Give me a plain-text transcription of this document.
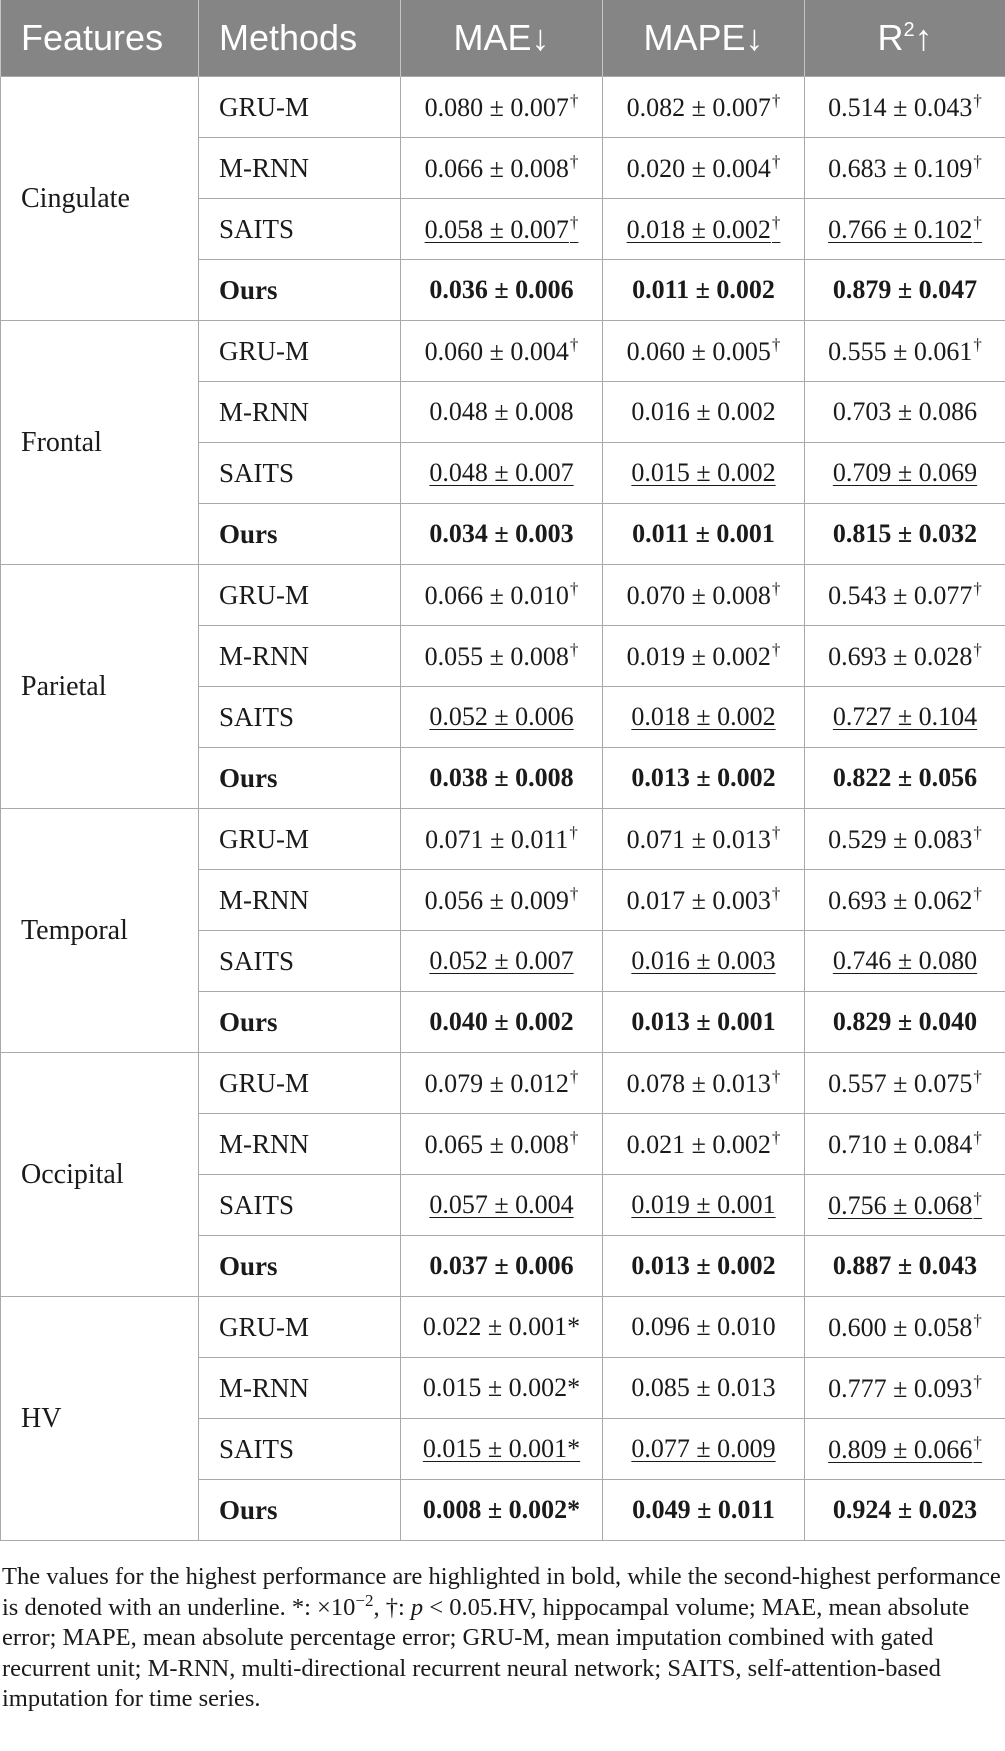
Features	Methods	MAE↓	MAPE↓	$R^2↑$
Cingulate	GRU-M	0.080 ± 0.007†	0.082 ± 0.007†	0.514 ± 0.043†
	M-RNN	0.066 ± 0.008†	0.020 ± 0.004†	0.683 ± 0.109†
	SAITS	0.058 ± 0.007†	0.018 ± 0.002†	0.766 ± 0.102†
	Ours	0.036 ± 0.006	0.011 ± 0.002	0.879 ± 0.047
Frontal	GRU-M	0.060 ± 0.004†	0.060 ± 0.005†	0.555 ± 0.061†
	M-RNN	0.048 ± 0.008	0.016 ± 0.002	0.703 ± 0.086
	SAITS	0.048 ± 0.007	0.015 ± 0.002	0.709 ± 0.069
	Ours	0.034 ± 0.003	0.011 ± 0.001	0.815 ± 0.032
Parietal	GRU-M	0.066 ± 0.010†	0.070 ± 0.008†	0.543 ± 0.077†
	M-RNN	0.055 ± 0.008†	0.019 ± 0.002†	0.693 ± 0.028†
	SAITS	0.052 ± 0.006	0.018 ± 0.002	0.727 ± 0.104
	Ours	0.038 ± 0.008	0.013 ± 0.002	0.822 ± 0.056
Temporal	GRU-M	0.071 ± 0.011†	0.071 ± 0.013†	0.529 ± 0.083†
	M-RNN	0.056 ± 0.009†	0.017 ± 0.003†	0.693 ± 0.062†
	SAITS	0.052 ± 0.007	0.016 ± 0.003	0.746 ± 0.080
	Ours	0.040 ± 0.002	0.013 ± 0.001	0.829 ± 0.040
Occipital	GRU-M	0.079 ± 0.012†	0.078 ± 0.013†	0.557 ± 0.075†
	M-RNN	0.065 ± 0.008†	0.021 ± 0.002†	0.710 ± 0.084†
	SAITS	0.057 ± 0.004	0.019 ± 0.001	0.756 ± 0.068†
	Ours	0.037 ± 0.006	0.013 ± 0.002	0.887 ± 0.043
HV	GRU-M	0.022 ± 0.001*	0.096 ± 0.010	0.600 ± 0.058†
	M-RNN	0.015 ± 0.002*	0.085 ± 0.013	0.777 ± 0.093†
	SAITS	0.015 ± 0.001*	0.077 ± 0.009	0.809 ± 0.066†
	Ours	0.008 ± 0.002*	0.049 ± 0.011	0.924 ± 0.023
The values for the highest performance are highlighted in bold, while the second-highest performance is denoted with an underline. *: $\times 10^{-2}$, †: p < 0.05.HV, hippocampal volume; MAE, mean absolute error; MAPE, mean absolute percentage error; GRU-M, mean imputation combined with gated recurrent unit; M-RNN, multi-directional recurrent neural network; SAITS, self-attention-based imputation for time series.
